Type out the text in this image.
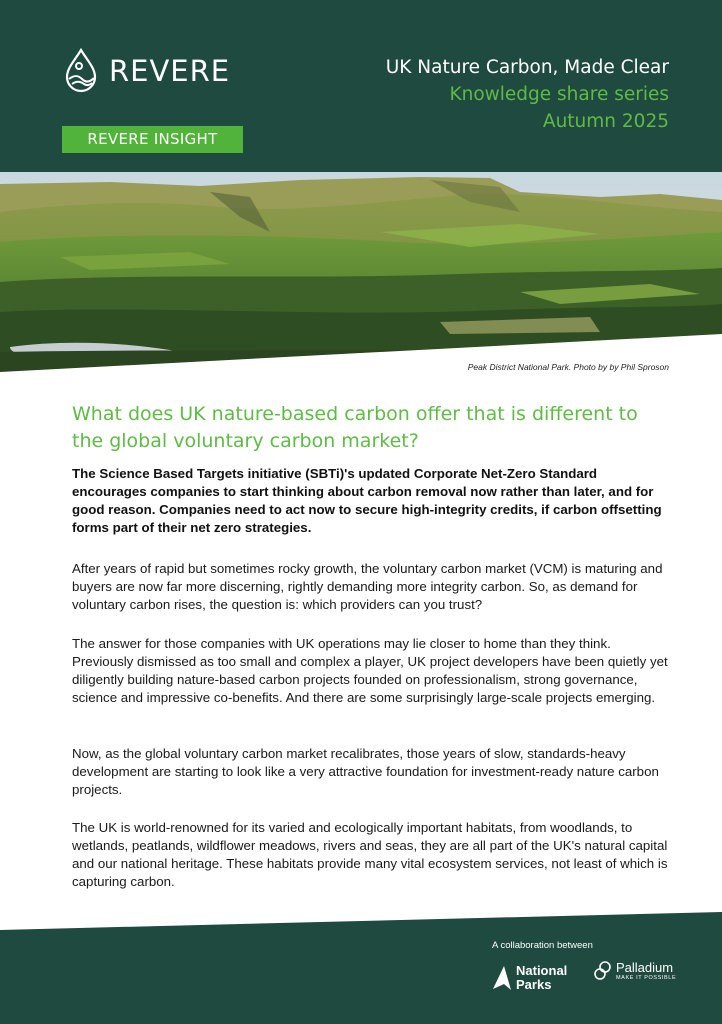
REVERE	UK Nature Carbon, Made Clear
Knowledge share series
Autumn 2025
REVERE INSIGHT
Peak District National Park. Photo by by Phil Sproson
What does UK nature-based carbon offer that is different to the global voluntary carbon market?

The Science Based Targets initiative (SBTi)'s updated Corporate Net-Zero Standard encourages companies to start thinking about carbon removal now rather than later, and for good reason. Companies need to act now to secure high-integrity credits, if carbon offsetting forms part of their net zero strategies.

After years of rapid but sometimes rocky growth, the voluntary carbon market (VCM) is maturing and buyers are now far more discerning, rightly demanding more integrity carbon. So, as demand for voluntary carbon rises, the question is: which providers can you trust?

The answer for those companies with UK operations may lie closer to home than they think. Previously dismissed as too small and complex a player, UK project developers have been quietly yet diligently building nature-based carbon projects founded on professionalism, strong governance, science and impressive co-benefits. And there are some surprisingly large-scale projects emerging.

Now, as the global voluntary carbon market recalibrates, those years of slow, standards-heavy development are starting to look like a very attractive foundation for investment-ready nature carbon projects.

The UK is world-renowned for its varied and ecologically important habitats, from woodlands, to wetlands, peatlands, wildflower meadows, rivers and seas, they are all part of the UK's natural capital and our national heritage. These habitats provide many vital ecosystem services, not least of which is capturing carbon.

A collaboration between
National
Parks
Palladium
MAKE IT POSSIBLE
